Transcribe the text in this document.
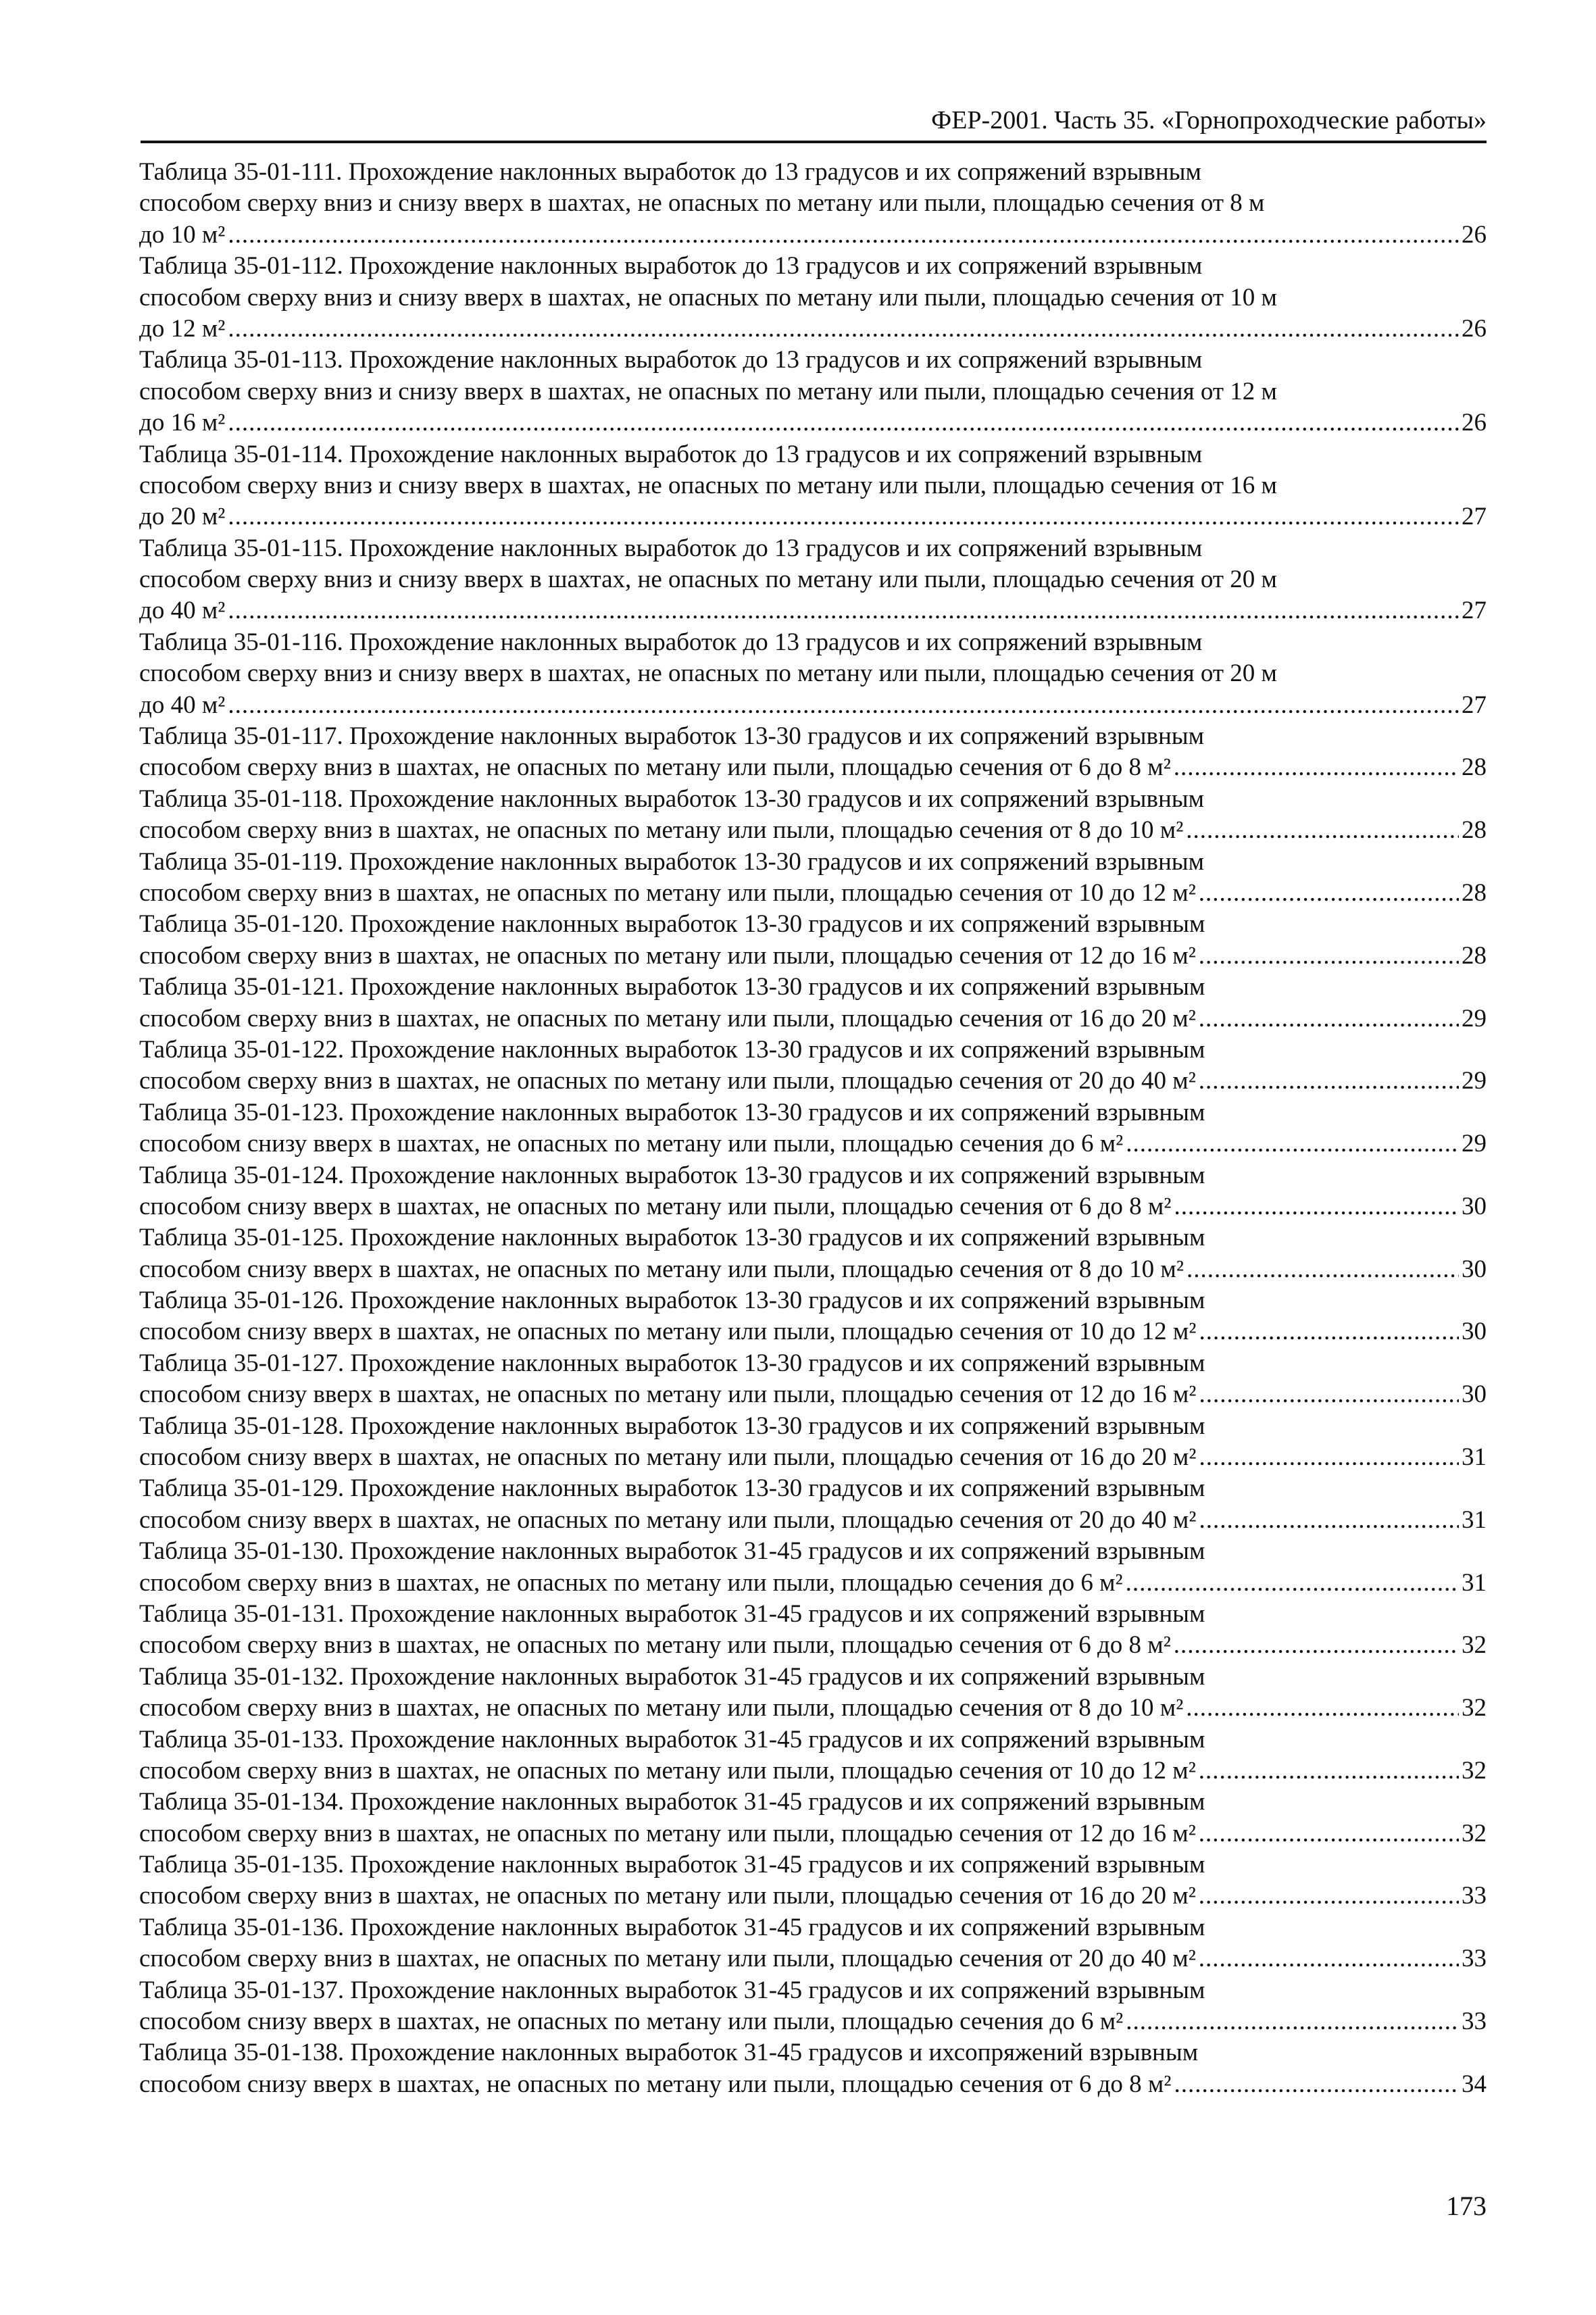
ФЕР-2001. Часть 35. «Горнопроходческие работы»
Таблица 35-01-111. Прохождение наклонных выработок до 13 градусов и их сопряжений взрывным
способом сверху вниз и снизу вверх в шахтах, не опасных по метану или пыли, площадью сечения от 8 м
до 10 м² .....	26
Таблица 35-01-112. Прохождение наклонных выработок до 13 градусов и их сопряжений взрывным
способом сверху вниз и снизу вверх в шахтах, не опасных по метану или пыли, площадью сечения от 10 м
до 12 м² .....	26
Таблица 35-01-113. Прохождение наклонных выработок до 13 градусов и их сопряжений взрывным
способом сверху вниз и снизу вверх в шахтах, не опасных по метану или пыли, площадью сечения от 12 м
до 16 м² .....	26
Таблица 35-01-114. Прохождение наклонных выработок до 13 градусов и их сопряжений взрывным
способом сверху вниз и снизу вверх в шахтах, не опасных по метану или пыли, площадью сечения от 16 м
до 20 м² .....	27
Таблица 35-01-115. Прохождение наклонных выработок до 13 градусов и их сопряжений взрывным
способом сверху вниз и снизу вверх в шахтах, не опасных по метану или пыли, площадью сечения от 20 м
до 40 м² .....	27
Таблица 35-01-116. Прохождение наклонных выработок до 13 градусов и их сопряжений взрывным
способом сверху вниз и снизу вверх в шахтах, не опасных по метану или пыли, площадью сечения от 20 м
до 40 м² .....	27
Таблица 35-01-117. Прохождение наклонных выработок 13-30 градусов и их сопряжений взрывным
способом сверху вниз в шахтах, не опасных по метану или пыли, площадью сечения от 6 до 8 м² .....	28
Таблица 35-01-118. Прохождение наклонных выработок 13-30 градусов и их сопряжений взрывным
способом сверху вниз в шахтах, не опасных по метану или пыли, площадью сечения от 8 до 10 м² .....	28
Таблица 35-01-119. Прохождение наклонных выработок 13-30 градусов и их сопряжений взрывным
способом сверху вниз в шахтах, не опасных по метану или пыли, площадью сечения от 10 до 12 м² .....	28
Таблица 35-01-120. Прохождение наклонных выработок 13-30 градусов и их сопряжений взрывным
способом сверху вниз в шахтах, не опасных по метану или пыли, площадью сечения от 12 до 16 м² .....	28
Таблица 35-01-121. Прохождение наклонных выработок 13-30 градусов и их сопряжений взрывным
способом сверху вниз в шахтах, не опасных по метану или пыли, площадью сечения от 16 до 20 м² .....	29
Таблица 35-01-122. Прохождение наклонных выработок 13-30 градусов и их сопряжений взрывным
способом сверху вниз в шахтах, не опасных по метану или пыли, площадью сечения от 20 до 40 м² .....	29
Таблица 35-01-123. Прохождение наклонных выработок 13-30 градусов и их сопряжений взрывным
способом снизу вверх в шахтах, не опасных по метану или пыли, площадью сечения до 6 м² .....	29
Таблица 35-01-124. Прохождение наклонных выработок 13-30 градусов и их сопряжений взрывным
способом снизу вверх в шахтах, не опасных по метану или пыли, площадью сечения от 6 до 8 м² .....	30
Таблица 35-01-125. Прохождение наклонных выработок 13-30 градусов и их сопряжений взрывным
способом снизу вверх в шахтах, не опасных по метану или пыли, площадью сечения от 8 до 10 м² .....	30
Таблица 35-01-126. Прохождение наклонных выработок 13-30 градусов и их сопряжений взрывным
способом снизу вверх в шахтах, не опасных по метану или пыли, площадью сечения от 10 до 12 м² .....	30
Таблица 35-01-127. Прохождение наклонных выработок 13-30 градусов и их сопряжений взрывным
способом снизу вверх в шахтах, не опасных по метану или пыли, площадью сечения от 12 до 16 м² .....	30
Таблица 35-01-128. Прохождение наклонных выработок 13-30 градусов и их сопряжений взрывным
способом снизу вверх в шахтах, не опасных по метану или пыли, площадью сечения от 16 до 20 м² .....	31
Таблица 35-01-129. Прохождение наклонных выработок 13-30 градусов и их сопряжений взрывным
способом снизу вверх в шахтах, не опасных по метану или пыли, площадью сечения от 20 до 40 м² .....	31
Таблица 35-01-130. Прохождение наклонных выработок 31-45 градусов и их сопряжений взрывным
способом сверху вниз в шахтах, не опасных по метану или пыли, площадью сечения до 6 м² .....	31
Таблица 35-01-131. Прохождение наклонных выработок 31-45 градусов и их сопряжений взрывным
способом сверху вниз в шахтах, не опасных по метану или пыли, площадью сечения от 6 до 8 м² .....	32
Таблица 35-01-132. Прохождение наклонных выработок 31-45 градусов и их сопряжений взрывным
способом сверху вниз в шахтах, не опасных по метану или пыли, площадью сечения от 8 до 10 м² .....	32
Таблица 35-01-133. Прохождение наклонных выработок 31-45 градусов и их сопряжений взрывным
способом сверху вниз в шахтах, не опасных по метану или пыли, площадью сечения от 10 до 12 м² .....	32
Таблица 35-01-134. Прохождение наклонных выработок 31-45 градусов и их сопряжений взрывным
способом сверху вниз в шахтах, не опасных по метану или пыли, площадью сечения от 12 до 16 м² .....	32
Таблица 35-01-135. Прохождение наклонных выработок 31-45 градусов и их сопряжений взрывным
способом сверху вниз в шахтах, не опасных по метану или пыли, площадью сечения от 16 до 20 м² .....	33
Таблица 35-01-136. Прохождение наклонных выработок 31-45 градусов и их сопряжений взрывным
способом сверху вниз в шахтах, не опасных по метану или пыли, площадью сечения от 20 до 40 м² .....	33
Таблица 35-01-137. Прохождение наклонных выработок 31-45 градусов и их сопряжений взрывным
способом снизу вверх в шахтах, не опасных по метану или пыли, площадью сечения до 6 м² .....	33
Таблица 35-01-138. Прохождение наклонных выработок 31-45 градусов и ихсопряжений взрывным
способом снизу вверх в шахтах, не опасных по метану или пыли, площадью сечения от 6 до 8 м² .....	34
173
